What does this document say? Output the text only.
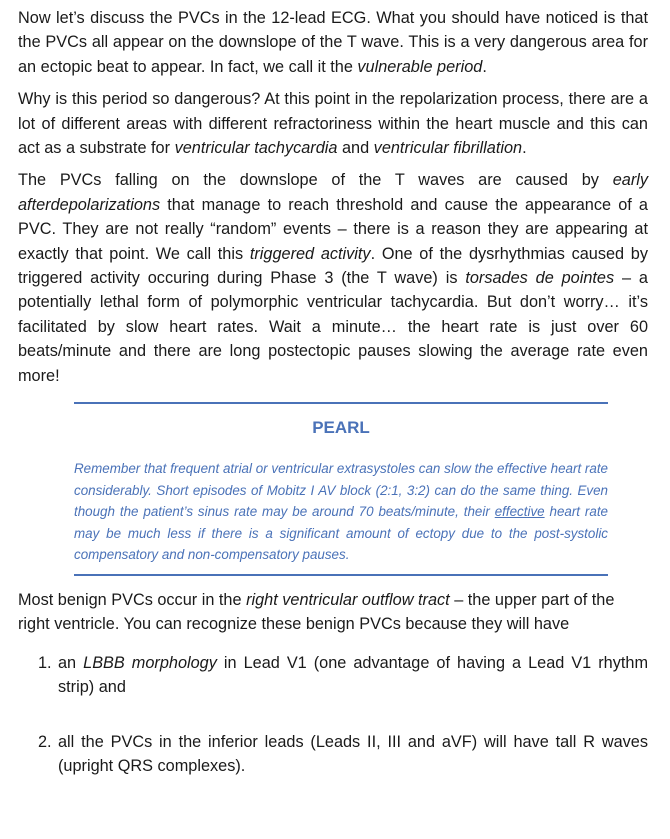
Now let’s discuss the PVCs in the 12-lead ECG. What you should have noticed is that the PVCs all appear on the downslope of the T wave. This is a very dangerous area for an ectopic beat to appear. In fact, we call it the vulnerable period.

Why is this period so dangerous? At this point in the repolarization process, there are a lot of different areas with different refractoriness within the heart muscle and this can act as a substrate for ventricular tachycardia and ventricular fibrillation.

The PVCs falling on the downslope of the T waves are caused by early afterdepolarizations that manage to reach threshold and cause the appearance of a PVC. They are not really “random” events – there is a reason they are appearing at exactly that point. We call this triggered activity. One of the dysrhythmias caused by triggered activity occuring during Phase 3 (the T wave) is torsades de pointes – a potentially lethal form of polymorphic ventricular tachycardia. But don’t worry… it’s facilitated by slow heart rates. Wait a minute… the heart rate is just over 60 beats/minute and there are long postectopic pauses slowing the average rate even more!

PEARL

Remember that frequent atrial or ventricular extrasystoles can slow the effective heart rate considerably. Short episodes of Mobitz I AV block (2:1, 3:2) can do the same thing. Even though the patient’s sinus rate may be around 70 beats/minute, their effective heart rate may be much less if there is a significant amount of ectopy due to the post-systolic compensatory and non-compensatory pauses.

Most benign PVCs occur in the right ventricular outflow tract – the upper part of the right ventricle. You can recognize these benign PVCs because they will have

1. an LBBB morphology in Lead V1 (one advantage of having a Lead V1 rhythm strip) and
2. all the PVCs in the inferior leads (Leads II, III and aVF) will have tall R waves (upright QRS complexes).
